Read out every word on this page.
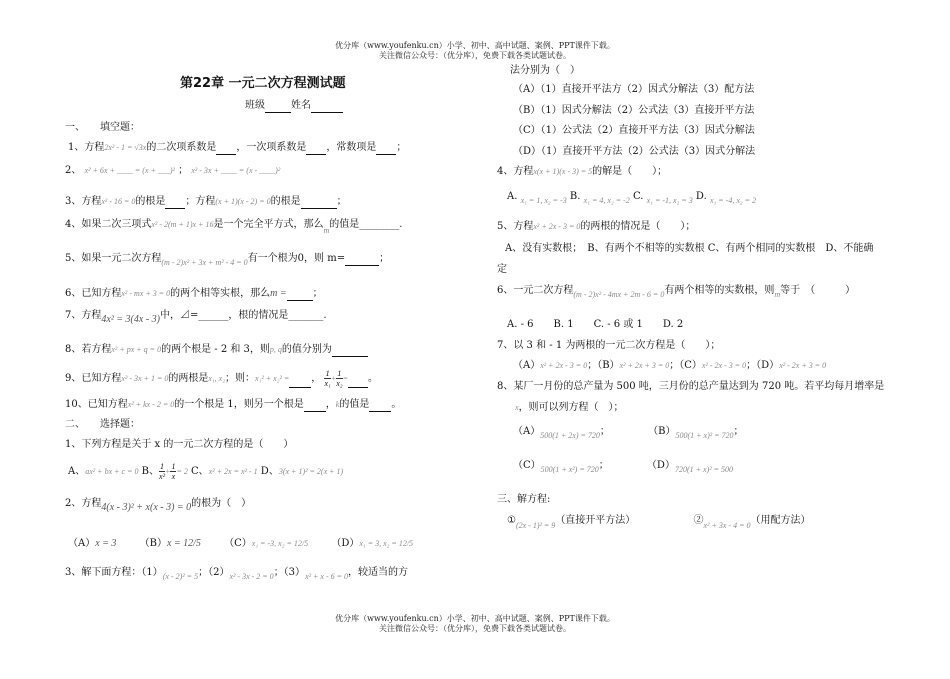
优分库（www.youfenku.cn）小学、初中、高中试题、案例、PPT课件下载。
关注微信公众号：（优分库），免费下载各类试题试卷。
第22章 一元二次方程测试题
班级	姓名
一、　　填空题：
1、方程2x² - 1 = √3x的二次项系数是 ，一次项系数是 ，常数项是 ；
2、 x² + 6x + ____ = (x + ___)² ； x² - 3x + ____ = (x - ____)²
3、方程x² - 16 = 0的根是 ；方程(x + 1)(x - 2) = 0的根是	；
4、如果二次三项式x² - 2(m + 1)x + 16是一个完全平方式，那么$_m$的值是________.
5、如果一元二次方程$_{(m - 2)x^2 + 3x + m^2 - 4 = 0}$有一个根为0，则 m=	；
6、已知方程x² - mx + 3 = 0的两个相等实根，那么m =	；
7、方程4x² = 3(4x - 3)中，⊿=______，根的情况是_______.
8、若方程x² + px + q = 0的两个根是 - 2 和 3，则p, q的值分别为
9、已知方程x² - 3x + 1 = 0的两根是x₁, x₂；则：x₁² + x₂² = ， $\frac{1}{\text{x₁}} + \frac{1}{\text{x₂}}$ = 。
10、已知方程x² + kx - 2 = 0的一个根是 1，则另一个根是 ，k的值是 。
二、　　选择题：
1、下列方程是关于 x 的一元二次方程的是（　　）
A、ax² + bx + c = 0 B、 $\frac{1}{\text{x²}} + \frac{1}{x} = 2$ C、x² + 2x = x² - 1 D、3(x + 1)² = 2(x + 1)
2、方程4(x - 3)² + x(x - 3) = 0的根为（　）
（A）x = 3　　 （B）x = 12/5　　 （C）x₁ = -3, x₂ = 12/5　　 （D）x₁ = 3, x₂ = 12/5
3、解下面方程：$(1)_{(x - 2)^2 = 5}$；$(2)_{x^2 - 3x - 2 = 0}$；$(3)_{x^2 + x - 6 = 0}$，较适当的方
法分别为（　）
（A）（1）直接开平法方（2）因式分解法（3）配方法
（B）（1）因式分解法（2）公式法（3）直接开平方法
（C）（1）公式法（2）直接开平方法（3）因式分解法
（D）（1）直接开平方法（2）公式法（3）因式分解法
4、方程x(x + 1)(x - 3) = 5的解是（　　）；
A. $_{x_1 = 1, x_2 = -3}$ B. $_{x_1 = 4, x_2 = -2}$ C. $_{x_1 = -1, x_2 = 3}$ D. $_{x_1 = -4, x_2 = 2}$
5、方程x² + 2x - 3 = 0的两根的情况是（　　）；
A、没有实数根；　B、有两个不相等的实数根 C、有两个相同的实数根　D、不能确
定
6、一元二次方程$_{(m - 2)x^2 - 4mx + 2m - 6 = 0}$有两个相等的实数根，则$_m$等于　（　　　）
A. - 6　　B. 1　　C. - 6 或 1　　D. 2
7、以 3 和 - 1 为两根的一元二次方程是（　　）；
（A）x² + 2x - 3 = 0；（B）x² + 2x + 3 = 0；（C）x² - 2x - 3 = 0；（D）x² - 2x + 3 = 0
8、某厂一月份的总产量为 500 吨，三月份的总产量达到为 720 吨。若平均每月增率是
x，则可以列方程（　）；
$(A)_{500(1 + 2x) = 720}$；　　　　	$(B)_{500(1 + x)^2 = 720}$；
$(C)_{500(1 + x^2) = 720}$；　　　　	$(D)_{720(1 + x)^2 = 500}$
三、解方程:
$①_{(2x - 1)^2 = 9}$（直接开平方法）　　　　　　	$②_{x^2 + 3x - 4 = 0}$（用配方法）
优分库（www.youfenku.cn）小学、初中、高中试题、案例、PPT课件下载。
关注微信公众号：（优分库），免费下载各类试题试卷。
